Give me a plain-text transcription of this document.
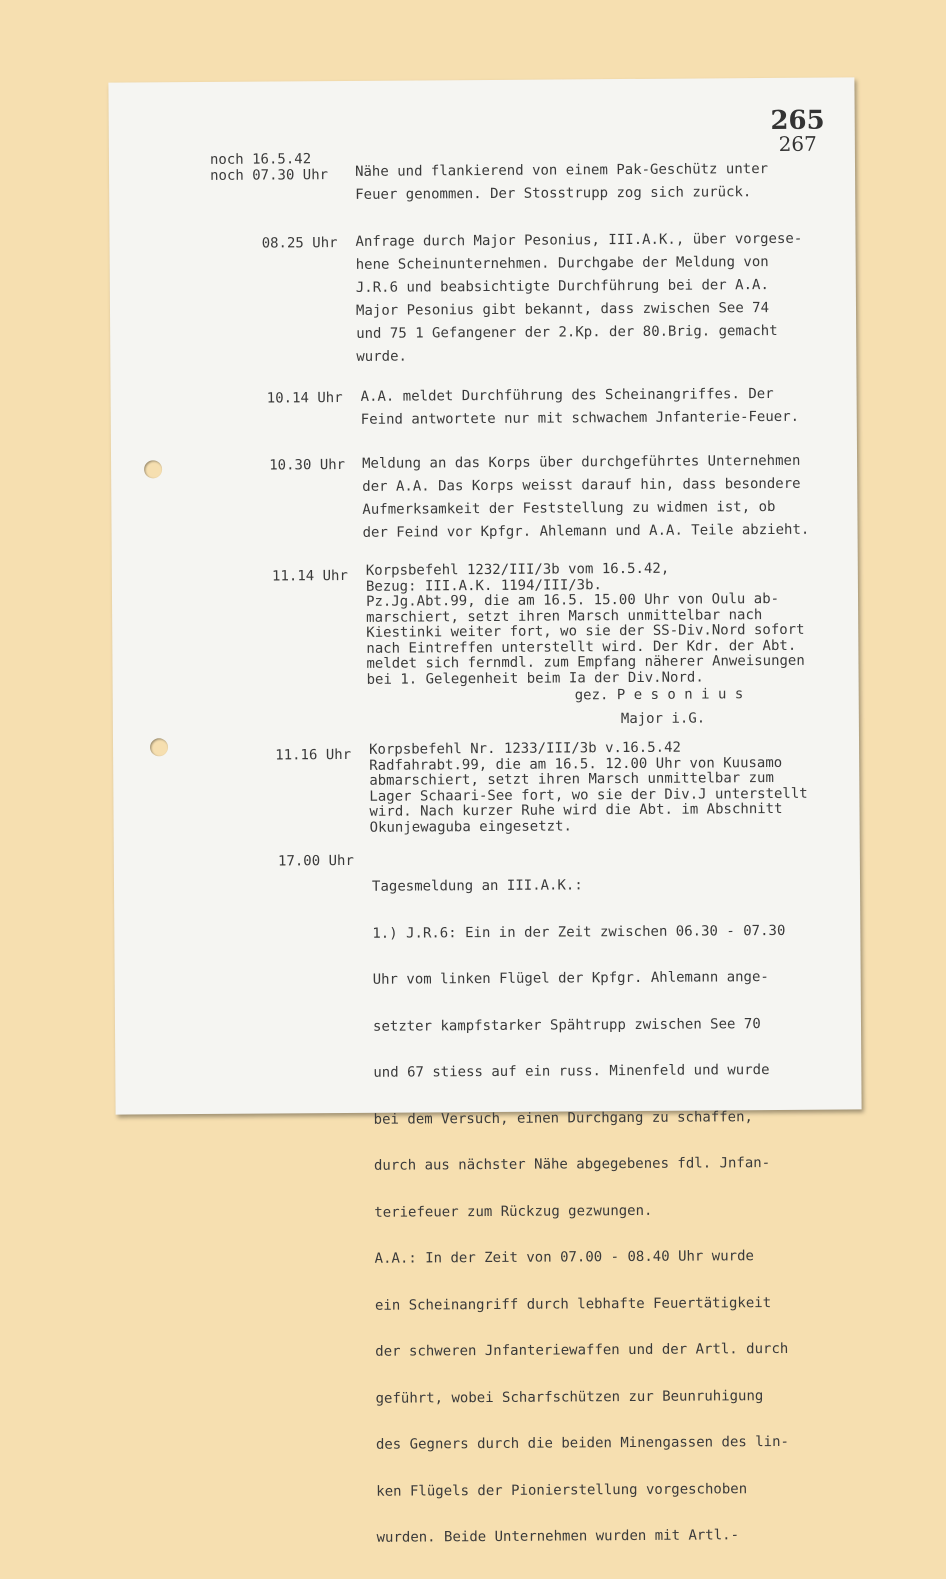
265
267
noch 16.5.42
noch 07.30 Uhr Nähe und flankierend von einem Pak-Geschütz unter
Feuer genommen. Der Stosstrupp zog sich zurück.
08.25 Uhr Anfrage durch Major Pesonius, III.A.K., über vorgese-
hene Scheinunternehmen. Durchgabe der Meldung von
J.R.6 und beabsichtigte Durchführung bei der A.A.
Major Pesonius gibt bekannt, dass zwischen See 74
und 75 1 Gefangener der 2.Kp. der 80.Brig. gemacht
wurde.
10.14 Uhr A.A. meldet Durchführung des Scheinangriffes. Der
Feind antwortete nur mit schwachem Jnfanterie-Feuer.
10.30 Uhr Meldung an das Korps über durchgeführtes Unternehmen
der A.A. Das Korps weisst darauf hin, dass besondere
Aufmerksamkeit der Feststellung zu widmen ist, ob
der Feind vor Kpfgr. Ahlemann und A.A. Teile abzieht.
11.14 Uhr Korpsbefehl 1232/III/3b vom 16.5.42,
Bezug: III.A.K. 1194/III/3b.
Pz.Jg.Abt.99, die am 16.5. 15.00 Uhr von Oulu ab-
marschiert, setzt ihren Marsch unmittelbar nach
Kiestinki weiter fort, wo sie der SS-Div.Nord sofort
nach Eintreffen unterstellt wird. Der Kdr. der Abt.
meldet sich fernmdl. zum Empfang näherer Anweisungen
bei 1. Gelegenheit beim Ia der Div.Nord.
gez. P e s o n i u s
Major i.G.
11.16 Uhr Korpsbefehl Nr. 1233/III/3b v.16.5.42
Radfahrabt.99, die am 16.5. 12.00 Uhr von Kuusamo
abmarschiert, setzt ihren Marsch unmittelbar zum
Lager Schaari-See fort, wo sie der Div.J unterstellt
wird. Nach kurzer Ruhe wird die Abt. im Abschnitt
Okunjewaguba eingesetzt.
17.00 Uhr

Tagesmeldung an III.A.K.:

1.) J.R.6: Ein in der Zeit zwischen 06.30 - 07.30

Uhr vom linken Flügel der Kpfgr. Ahlemann ange-

setzter kampfstarker Spähtrupp zwischen See 70

und 67 stiess auf ein russ. Minenfeld und wurde

bei dem Versuch, einen Durchgang zu schaffen,

durch aus nächster Nähe abgegebenes fdl. Jnfan-

teriefeuer zum Rückzug gezwungen.

A.A.: In der Zeit von 07.00 - 08.40 Uhr wurde

ein Scheinangriff durch lebhafte Feuertätigkeit

der schweren Jnfanteriewaffen und der Artl. durch

geführt, wobei Scharfschützen zur Beunruhigung

des Gegners durch die beiden Minengassen des lin-

ken Flügels der Pionierstellung vorgeschoben

wurden. Beide Unternehmen wurden mit Artl.-
